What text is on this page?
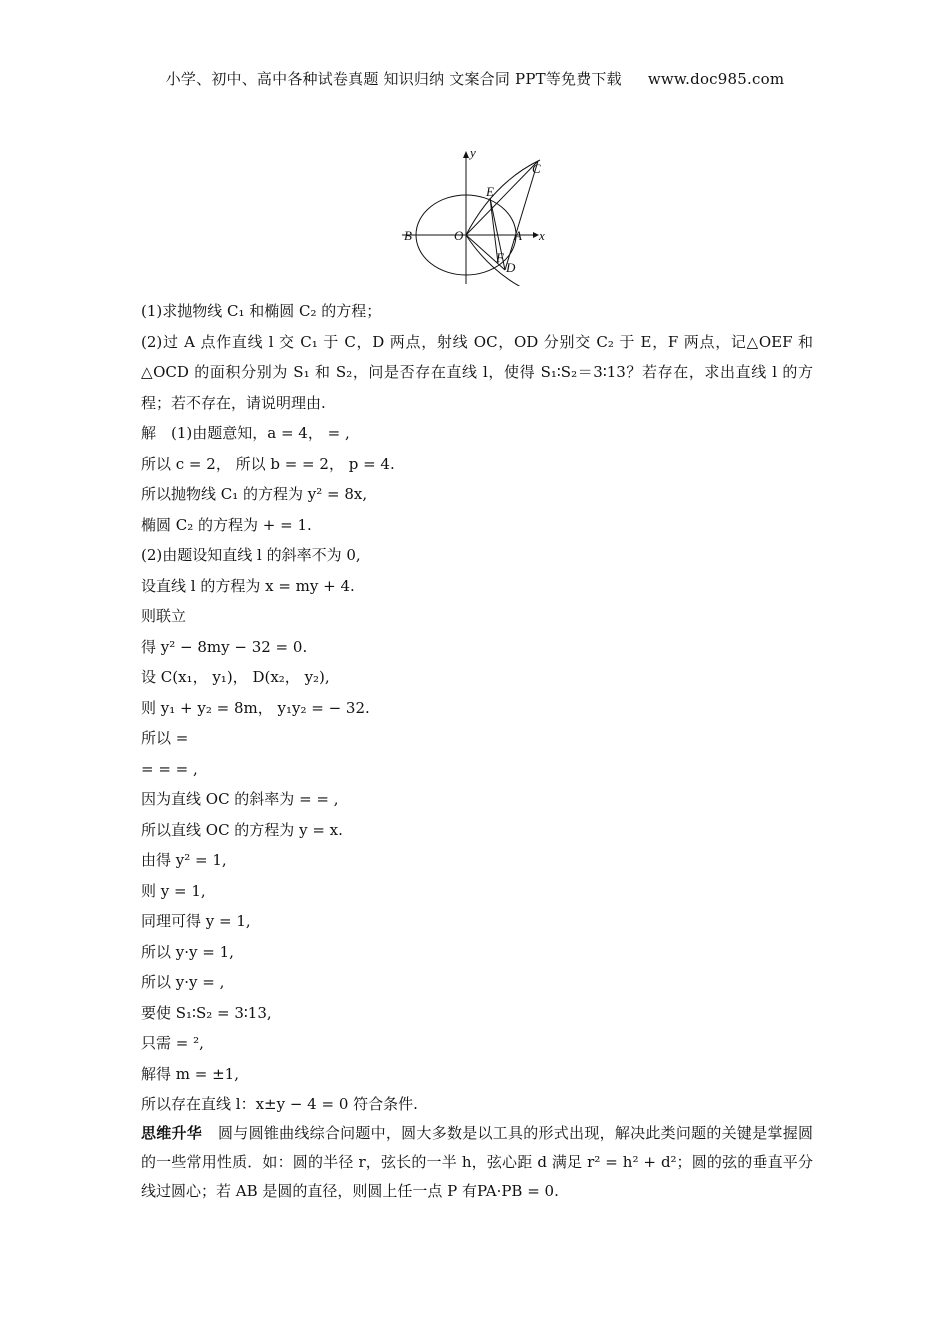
小学、初中、高中各种试卷真题 知识归纳 文案合同 PPT等免费下载 www.doc985.com
y
x
C
E
B	O	A
F
D
(1)求抛物线 C₁ 和椭圆 C₂ 的方程；
(2)过 A 点作直线 l 交 C₁ 于 C，D 两点，射线 OC，OD 分别交 C₂ 于 E，F 两点，记△OEF 和△OCD 的面积分别为 S₁ 和 S₂，问是否存在直线 l，使得 S₁∶S₂＝3∶13？若存在，求出直线 l 的方程；若不存在，请说明理由.
解　(1)由题意知，a = 4， = ,
所以 c = 2， 所以 b = = 2， p = 4.
所以抛物线 C₁ 的方程为 y² = 8x,
椭圆 C₂ 的方程为 + = 1.
(2)由题设知直线 l 的斜率不为 0,
设直线 l 的方程为 x = my + 4.
则联立
得 y² − 8my − 32 = 0.
设 C(x₁， y₁)， D(x₂， y₂),
则 y₁ + y₂ = 8m， y₁y₂ = − 32.
所以 =
= = = ,
因为直线 OC 的斜率为 = = ,
所以直线 OC 的方程为 y = x.
由得 y² = 1,
则 y = 1,
同理可得 y = 1,
所以 y·y = 1,
所以 y·y = ,
要使 S₁∶S₂ = 3∶13,
只需 = ²,
解得 m = ±1,
所以存在直线 l：x±y − 4 = 0 符合条件.
思维升华 圆与圆锥曲线综合问题中，圆大多数是以工具的形式出现，解决此类问题的关键是掌握圆的一些常用性质．如：圆的半径 r，弦长的一半 h，弦心距 d 满足 r² = h² + d²；圆的弦的垂直平分线过圆心；若 AB 是圆的直径，则圆上任一点 P 有PA·PB = 0.
